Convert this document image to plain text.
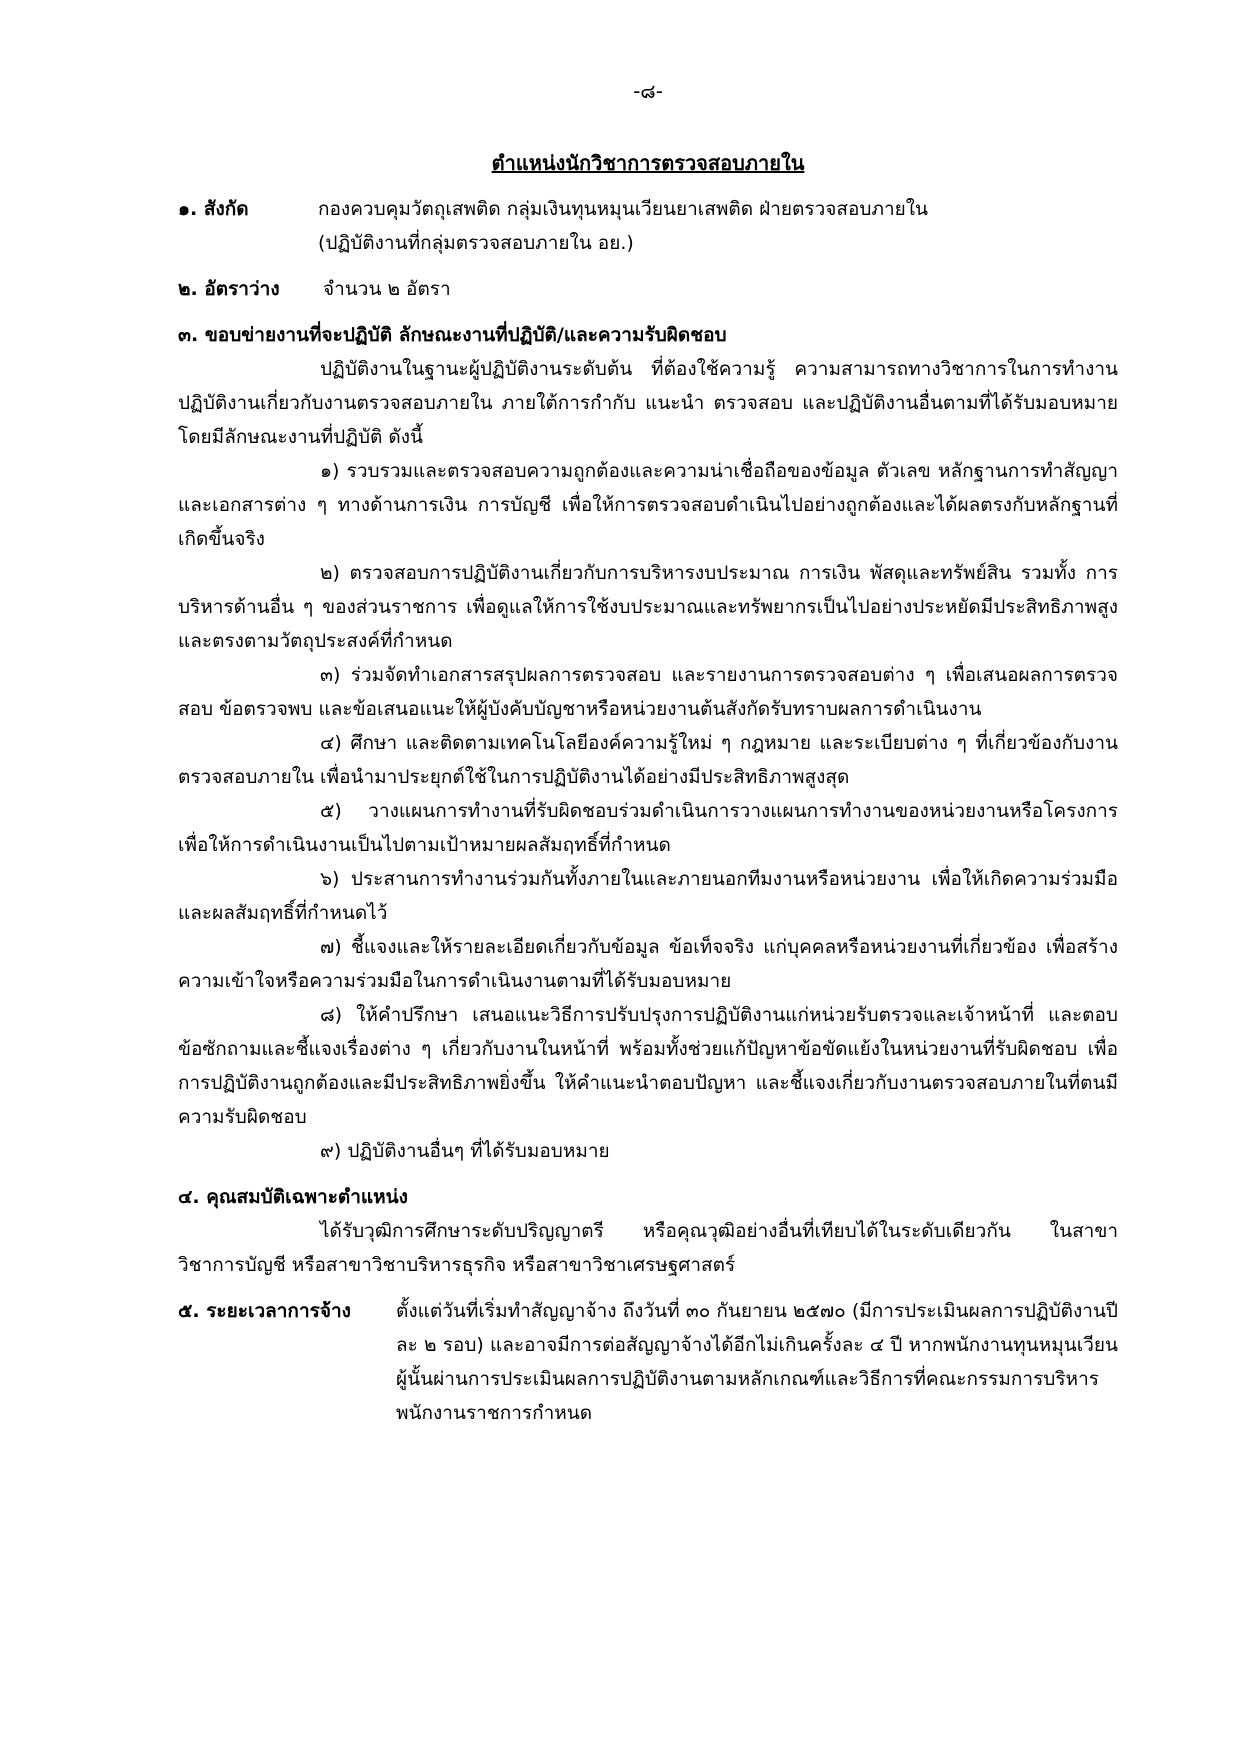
-๘-
ตำแหน่งนักวิชาการตรวจสอบภายใน
๑. สังกัด	กองควบคุมวัตถุเสพติด กลุ่มเงินทุนหมุนเวียนยาเสพติด ฝ่ายตรวจสอบภายใน

(ปฏิบัติงานที่กลุ่มตรวจสอบภายใน อย.)

๒. อัตราว่าง	จำนวน ๒ อัตรา
๓. ขอบข่ายงานที่จะปฏิบัติ ลักษณะงานที่ปฏิบัติ/และความรับผิดชอบ

ปฏิบัติงานในฐานะผู้ปฏิบัติงานระดับต้น ที่ต้องใช้ความรู้ ความสามารถทางวิชาการในการทำงาน ปฏิบัติงานเกี่ยวกับงานตรวจสอบภายใน ภายใต้การกำกับ แนะนำ ตรวจสอบ และปฏิบัติงานอื่นตามที่ได้รับมอบหมายโดยมีลักษณะงานที่ปฏิบัติ ดังนี้

๑) รวบรวมและตรวจสอบความถูกต้องและความน่าเชื่อถือของข้อมูล ตัวเลข หลักฐานการทำสัญญา และเอกสารต่าง ๆ ทางด้านการเงิน การบัญชี เพื่อให้การตรวจสอบดำเนินไปอย่างถูกต้องและได้ผลตรงกับหลักฐานที่เกิดขึ้นจริง

๒) ตรวจสอบการปฏิบัติงานเกี่ยวกับการบริหารงบประมาณ การเงิน พัสดุและทรัพย์สิน รวมทั้ง การบริหารด้านอื่น ๆ ของส่วนราชการ เพื่อดูแลให้การใช้งบประมาณและทรัพยากรเป็นไปอย่างประหยัดมีประสิทธิภาพสูง และตรงตามวัตถุประสงค์ที่กำหนด

๓) ร่วมจัดทำเอกสารสรุปผลการตรวจสอบ และรายงานการตรวจสอบต่าง ๆ เพื่อเสนอผลการตรวจสอบ ข้อตรวจพบ และข้อเสนอแนะให้ผู้บังคับบัญชาหรือหน่วยงานต้นสังกัดรับทราบผลการดำเนินงาน

๔) ศึกษา และติดตามเทคโนโลยีองค์ความรู้ใหม่ ๆ กฎหมาย และระเบียบต่าง ๆ ที่เกี่ยวข้องกับงานตรวจสอบภายใน เพื่อนำมาประยุกต์ใช้ในการปฏิบัติงานได้อย่างมีประสิทธิภาพสูงสุด

๕) วางแผนการทำงานที่รับผิดชอบร่วมดำเนินการวางแผนการทำงานของหน่วยงานหรือโครงการเพื่อให้การดำเนินงานเป็นไปตามเป้าหมายผลสัมฤทธิ์ที่กำหนด

๖) ประสานการทำงานร่วมกันทั้งภายในและภายนอกทีมงานหรือหน่วยงาน เพื่อให้เกิดความร่วมมือและผลสัมฤทธิ์ที่กำหนดไว้

๗) ชี้แจงและให้รายละเอียดเกี่ยวกับข้อมูล ข้อเท็จจริง แก่บุคคลหรือหน่วยงานที่เกี่ยวข้อง เพื่อสร้างความเข้าใจหรือความร่วมมือในการดำเนินงานตามที่ได้รับมอบหมาย

๘) ให้คำปรึกษา เสนอแนะวิธีการปรับปรุงการปฏิบัติงานแก่หน่วยรับตรวจและเจ้าหน้าที่ และตอบข้อซักถามและชี้แจงเรื่องต่าง ๆ เกี่ยวกับงานในหน้าที่ พร้อมทั้งช่วยแก้ปัญหาข้อขัดแย้งในหน่วยงานที่รับผิดชอบ เพื่อการปฏิบัติงานถูกต้องและมีประสิทธิภาพยิ่งขึ้น ให้คำแนะนำตอบปัญหา และชี้แจงเกี่ยวกับงานตรวจสอบภายในที่ตนมีความรับผิดชอบ

๙) ปฏิบัติงานอื่นๆ ที่ได้รับมอบหมาย

๔. คุณสมบัติเฉพาะตำแหน่ง

ได้รับวุฒิการศึกษาระดับปริญญาตรี หรือคุณวุฒิอย่างอื่นที่เทียบได้ในระดับเดียวกัน ในสาขาวิชาการบัญชี หรือสาขาวิชาบริหารธุรกิจ หรือสาขาวิชาเศรษฐศาสตร์

๕. ระยะเวลาการจ้าง	ตั้งแต่วันที่เริ่มทำสัญญาจ้าง ถึงวันที่ ๓๐ กันยายน ๒๕๗๐ (มีการประเมินผลการปฏิบัติงานปีละ ๒ รอบ) และอาจมีการต่อสัญญาจ้างได้อีกไม่เกินครั้งละ ๔ ปี หากพนักงานทุนหมุนเวียนผู้นั้นผ่านการประเมินผลการปฏิบัติงานตามหลักเกณฑ์และวิธีการที่คณะกรรมการบริหารพนักงานราชการกำหนด
